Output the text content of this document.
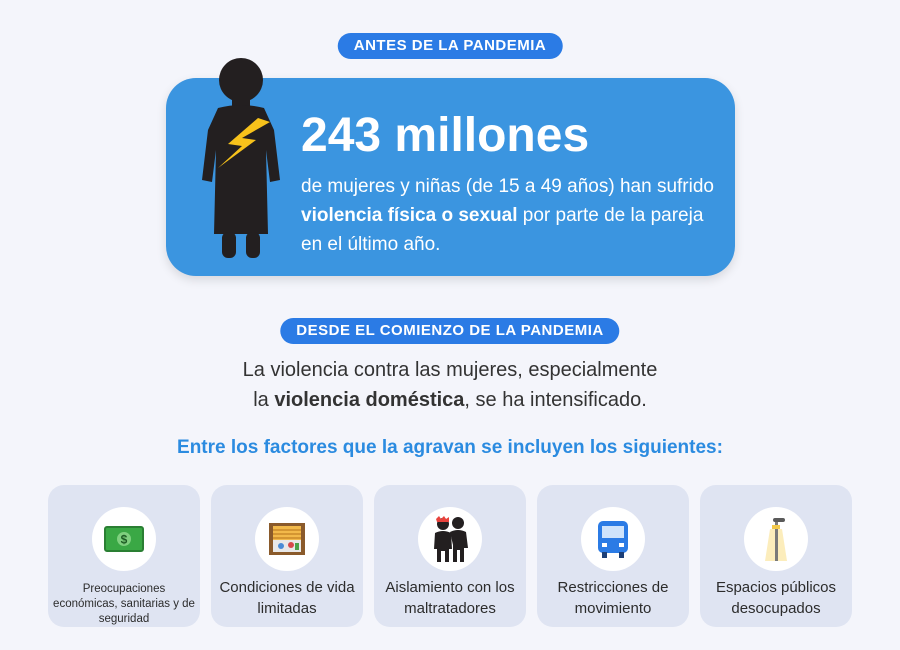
ANTES DE LA PANDEMIA
243 millones
de mujeres y niñas (de 15 a 49 años) han sufrido violencia física o sexual por parte de la pareja en el último año.
DESDE EL COMIENZO DE LA PANDEMIA
La violencia contra las mujeres, especialmente
la violencia doméstica, se ha intensificado.
Entre los factores que la agravan se incluyen los siguientes:
$
Preocupaciones económicas, sanitarias y de seguridad
Condiciones de vida limitadas
Aislamiento con los maltratadores
Restricciones de movimiento
Espacios públicos desocupados
